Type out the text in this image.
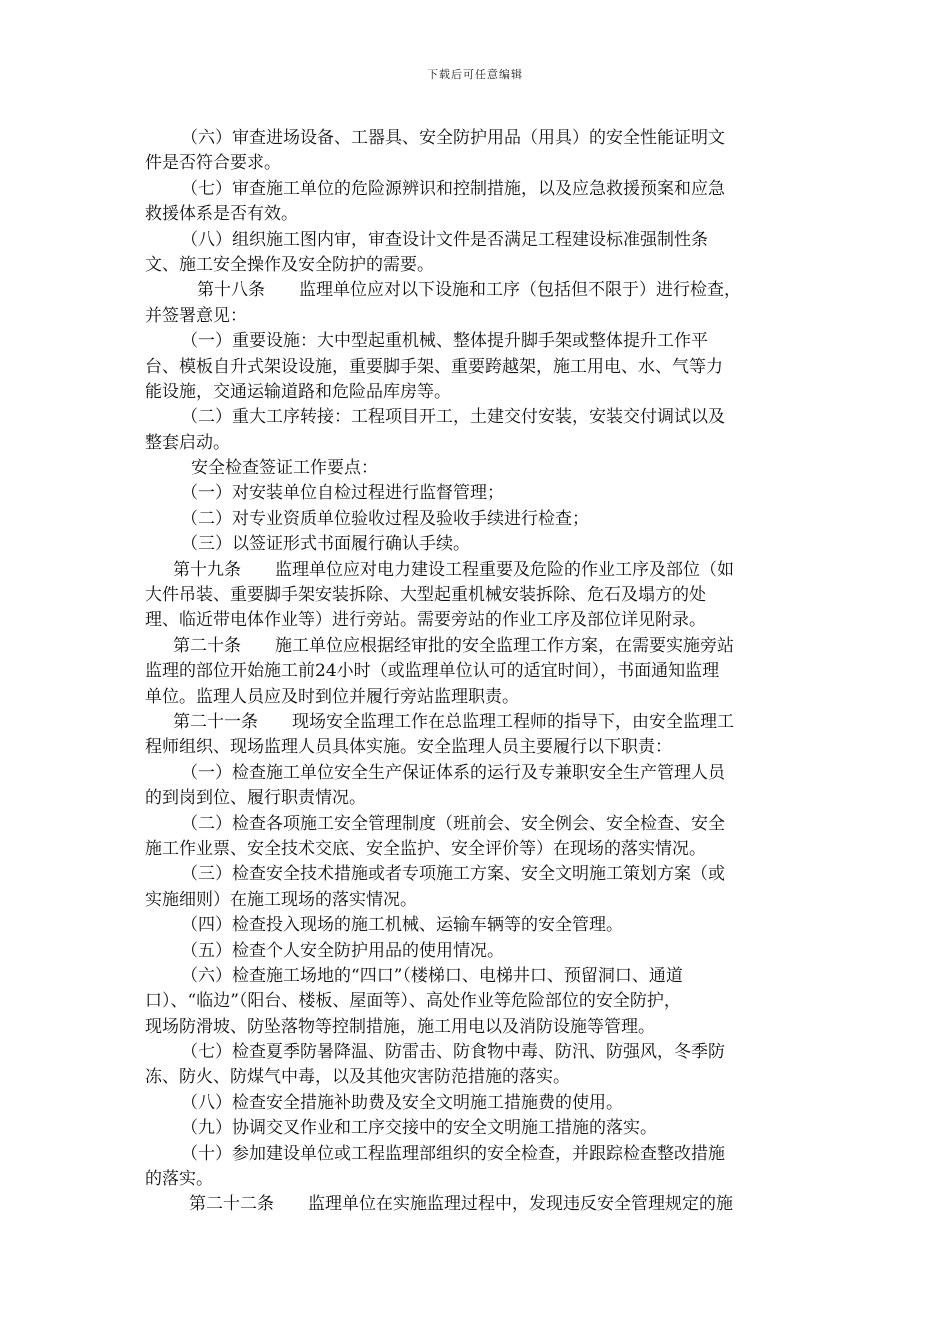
下载后可任意编辑
（六）审查进场设备、工器具、安全防护用品（用具）的安全性能证明文
件是否符合要求。
（七）审查施工单位的危险源辨识和控制措施，以及应急救援预案和应急
救援体系是否有效。
（八）组织施工图内审，审查设计文件是否满足工程建设标准强制性条
文、施工安全操作及安全防护的需要。
第十八条　　监理单位应对以下设施和工序（包括但不限于）进行检查，
并签署意见：
（一）重要设施：大中型起重机械、整体提升脚手架或整体提升工作平
台、模板自升式架设设施，重要脚手架、重要跨越架，施工用电、水、气等力
能设施，交通运输道路和危险品库房等。
（二）重大工序转接：工程项目开工，土建交付安装，安装交付调试以及
整套启动。
安全检查签证工作要点：
（一）对安装单位自检过程进行监督管理；
（二）对专业资质单位验收过程及验收手续进行检查；
（三）以签证形式书面履行确认手续。
第十九条　　监理单位应对电力建设工程重要及危险的作业工序及部位（如
大件吊装、重要脚手架安装拆除、大型起重机械安装拆除、危石及塌方的处
理、临近带电体作业等）进行旁站。需要旁站的作业工序及部位详见附录。
第二十条　　施工单位应根据经审批的安全监理工作方案，在需要实施旁站
监理的部位开始施工前24小时（或监理单位认可的适宜时间），书面通知监理
单位。监理人员应及时到位并履行旁站监理职责。
第二十一条　　现场安全监理工作在总监理工程师的指导下，由安全监理工
程师组织、现场监理人员具体实施。安全监理人员主要履行以下职责：
（一）检查施工单位安全生产保证体系的运行及专兼职安全生产管理人员
的到岗到位、履行职责情况。
（二）检查各项施工安全管理制度（班前会、安全例会、安全检查、安全
施工作业票、安全技术交底、安全监护、安全评价等）在现场的落实情况。
（三）检查安全技术措施或者专项施工方案、安全文明施工策划方案（或
实施细则）在施工现场的落实情况。
（四）检查投入现场的施工机械、运输车辆等的安全管理。
（五）检查个人安全防护用品的使用情况。
（六）检查施工场地的“四口”（楼梯口、电梯井口、预留洞口、通道
口）、“临边”（阳台、楼板、屋面等）、高处作业等危险部位的安全防护，
现场防滑坡、防坠落物等控制措施，施工用电以及消防设施等管理。
（七）检查夏季防暑降温、防雷击、防食物中毒、防汛、防强风，冬季防
冻、防火、防煤气中毒，以及其他灾害防范措施的落实。
（八）检查安全措施补助费及安全文明施工措施费的使用。
（九）协调交叉作业和工序交接中的安全文明施工措施的落实。
（十）参加建设单位或工程监理部组织的安全检查，并跟踪检查整改措施
的落实。
第二十二条　　监理单位在实施监理过程中，发现违反安全管理规定的施
